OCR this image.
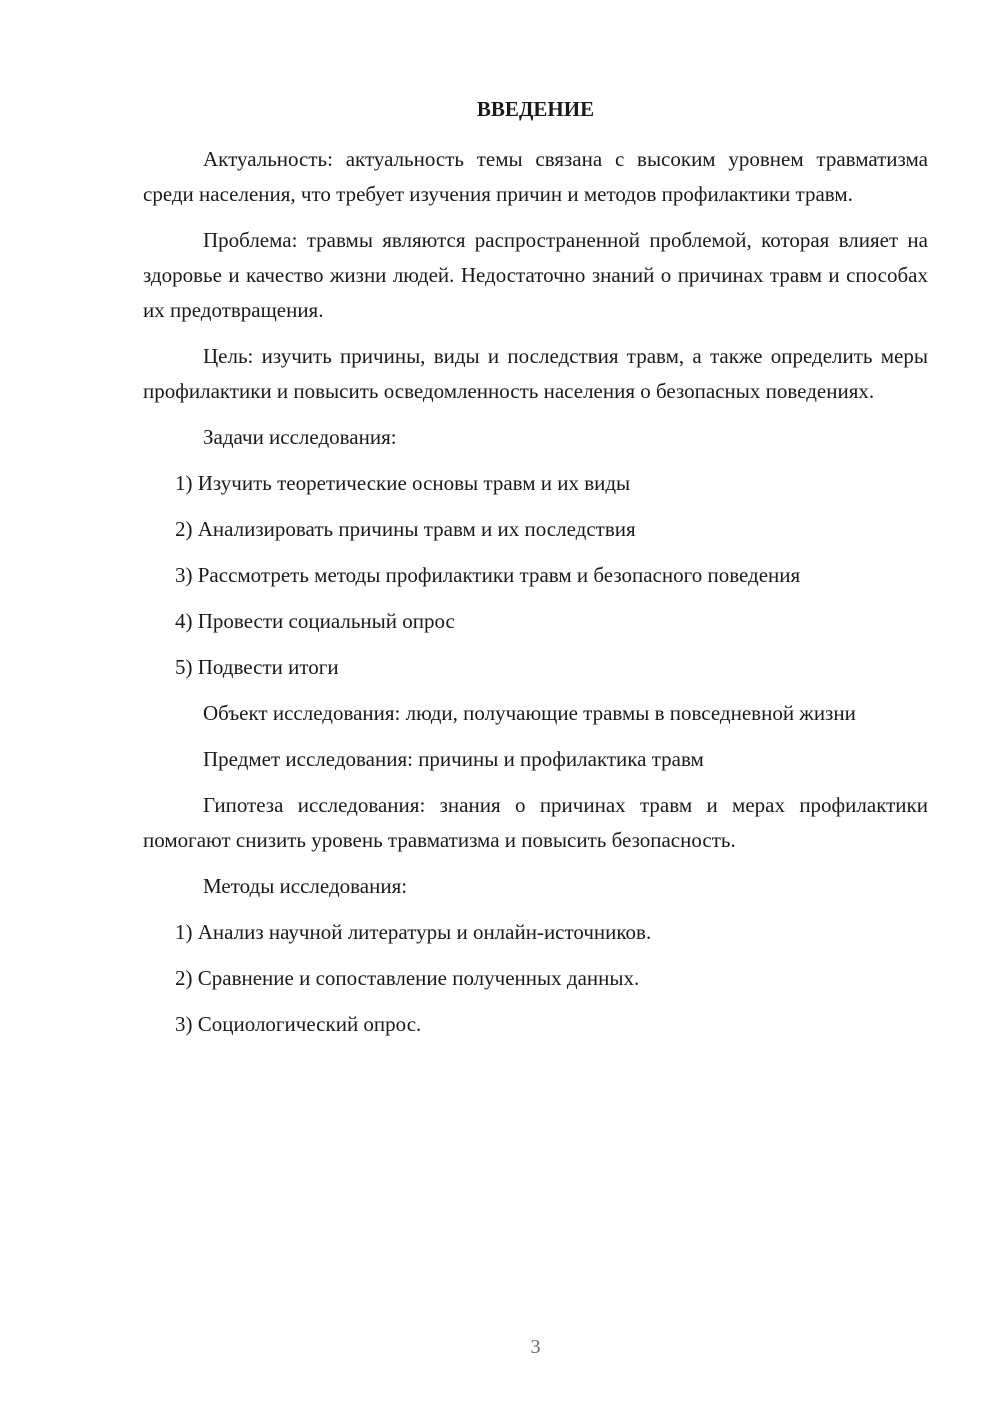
ВВЕДЕНИЕ

Актуальность: актуальность темы связана с высоким уровнем травматизма среди населения, что требует изучения причин и методов профилактики травм.

Проблема: травмы являются распространенной проблемой, которая влияет на здоровье и качество жизни людей. Недостаточно знаний о причинах травм и способах их предотвращения.

Цель: изучить причины, виды и последствия травм, а также определить меры профилактики и повысить осведомленность населения о безопасных поведениях.

Задачи исследования:

1) Изучить теоретические основы травм и их виды

2) Анализировать причины травм и их последствия

3) Рассмотреть методы профилактики травм и безопасного поведения

4) Провести социальный опрос

5) Подвести итоги

Объект исследования: люди, получающие травмы в повседневной жизни

Предмет исследования: причины и профилактика травм

Гипотеза исследования: знания о причинах травм и мерах профилактики помогают снизить уровень травматизма и повысить безопасность.

Методы исследования:

1) Анализ научной литературы и онлайн-источников.

2) Сравнение и сопоставление полученных данных.

3) Социологический опрос.

3
